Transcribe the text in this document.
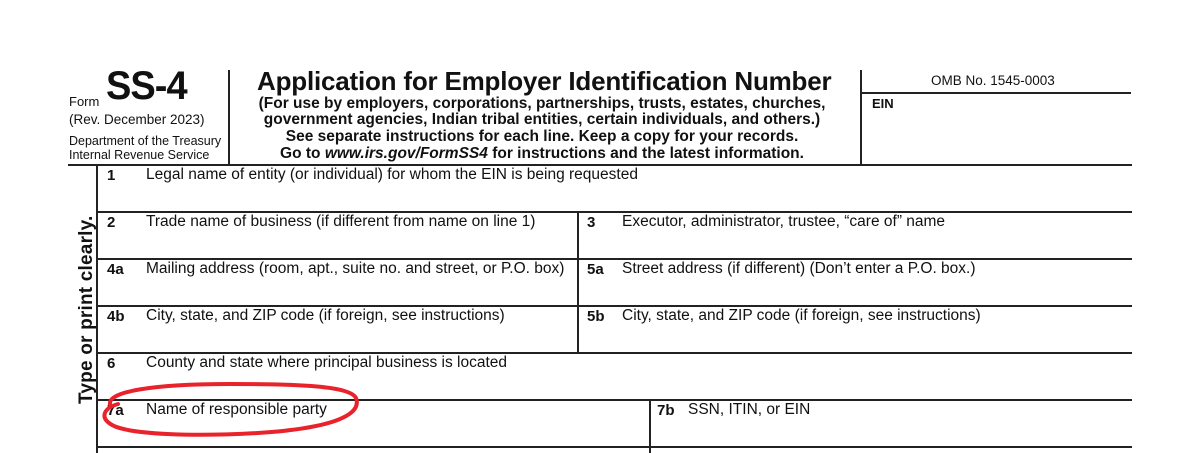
Form SS-4
(Rev. December 2023)
Department of the Treasury
Internal Revenue Service
Application for Employer Identification Number
(For use by employers, corporations, partnerships, trusts, estates, churches,
government agencies, Indian tribal entities, certain individuals, and others.)
See separate instructions for each line. Keep a copy for your records.
Go to www.irs.gov/FormSS4 for instructions and the latest information.
OMB No. 1545-0003
EIN
Type or print clearly.
1 Legal name of entity (or individual) for whom the EIN is being requested
2 Trade name of business (if different from name on line 1)	3 Executor, administrator, trustee, “care of” name
4a Mailing address (room, apt., suite no. and street, or P.O. box) 5a Street address (if different) (Don’t enter a P.O. box.)
4b City, state, and ZIP code (if foreign, see instructions)	5b City, state, and ZIP code (if foreign, see instructions)
6 County and state where principal business is located
7a Name of responsible party	7b SSN, ITIN, or EIN
